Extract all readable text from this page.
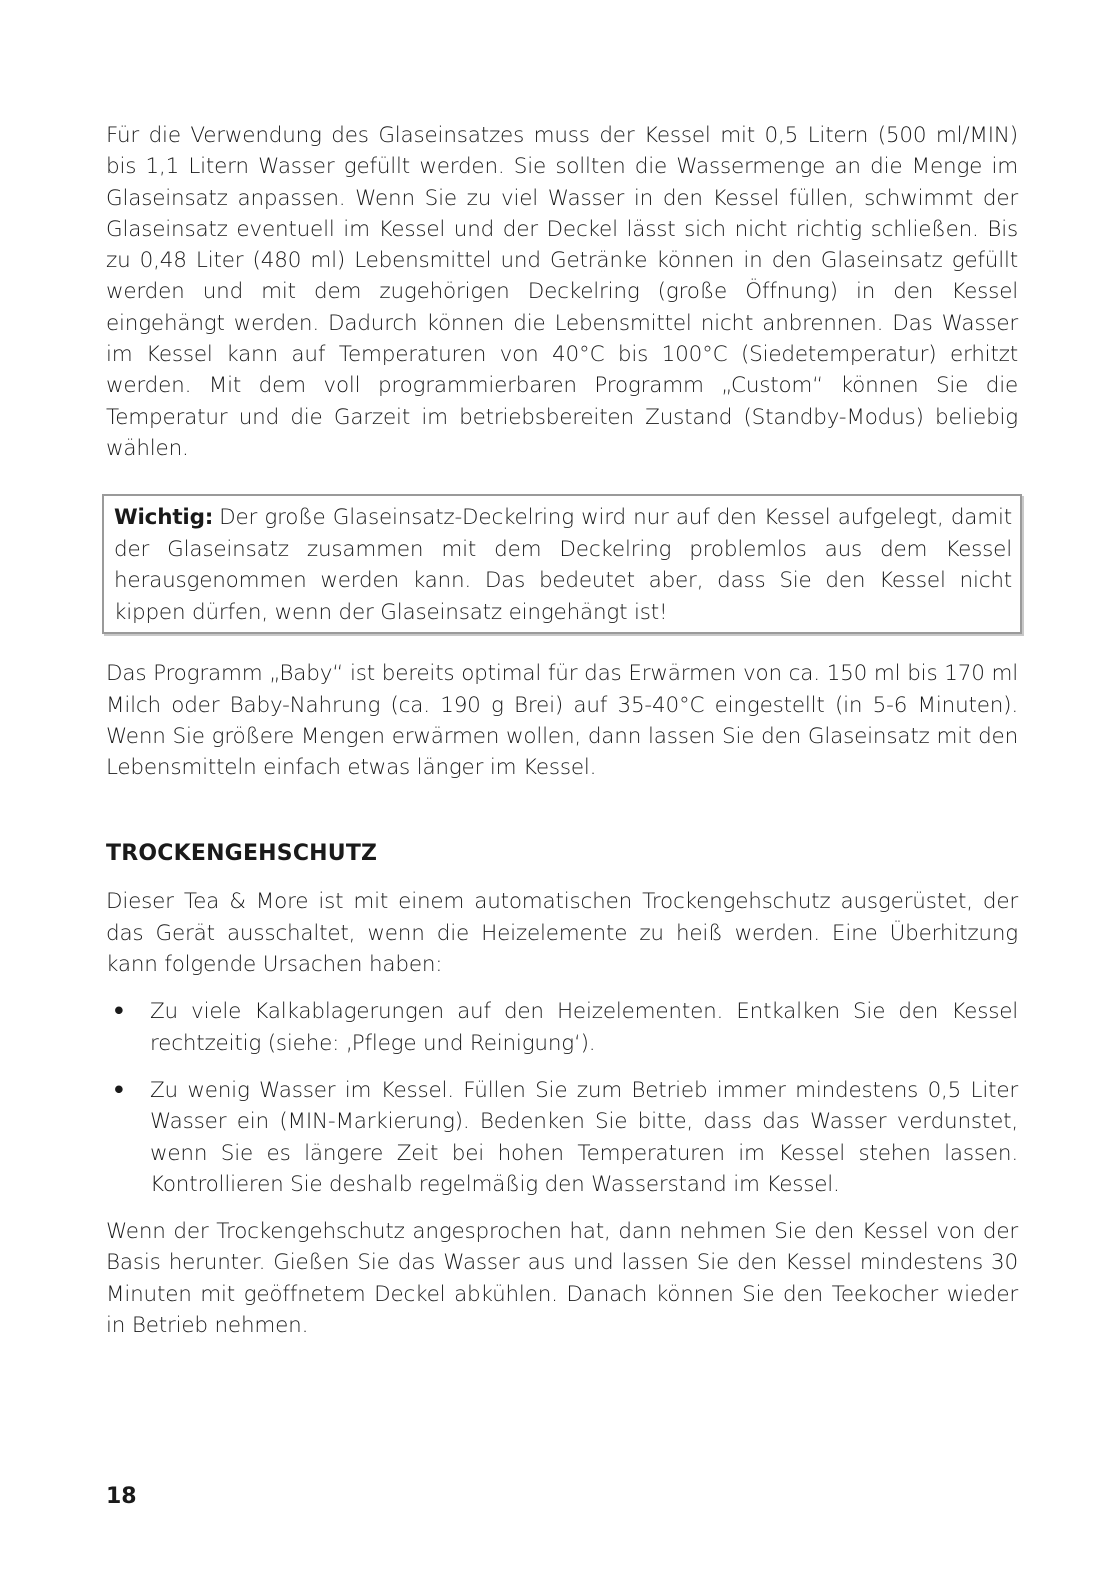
Für die Verwendung des Glaseinsatzes muss der Kessel mit 0,5 Litern (500 ml/MIN) bis 1,1 Litern Wasser gefüllt werden. Sie sollten die Wassermenge an die Menge im Glaseinsatz anpassen. Wenn Sie zu viel Wasser in den Kessel füllen, schwimmt der Glaseinsatz eventuell im Kessel und der Deckel lässt sich nicht richtig schließen. Bis zu 0,48 Liter (480 ml) Lebensmittel und Getränke können in den Glaseinsatz gefüllt werden und mit dem zugehörigen Deckelring (große Öffnung) in den Kessel eingehängt werden. Dadurch können die Lebensmittel nicht anbrennen. Das Wasser im Kessel kann auf Temperaturen von 40°C bis 100°C (Siedetemperatur) erhitzt werden. Mit dem voll programmierbaren Programm „Custom“ können Sie die Temperatur und die Garzeit im betriebsbereiten Zustand (Standby-Modus) beliebig wählen.

Wichtig: Der große Glaseinsatz-Deckelring wird nur auf den Kessel aufgelegt, damit der Glaseinsatz zusammen mit dem Deckelring problemlos aus dem Kessel herausgenommen werden kann. Das bedeutet aber, dass Sie den Kessel nicht kippen dürfen, wenn der Glaseinsatz eingehängt ist!

Das Programm „Baby“ ist bereits optimal für das Erwärmen von ca. 150 ml bis 170 ml Milch oder Baby-Nahrung (ca. 190 g Brei) auf 35-40°C eingestellt (in 5-6 Minuten). Wenn Sie größere Mengen erwärmen wollen, dann lassen Sie den Glaseinsatz mit den Lebensmitteln einfach etwas länger im Kessel.

TROCKENGEHSCHUTZ

Dieser Tea & More ist mit einem automatischen Trockengehschutz ausgerüstet, der das Gerät ausschaltet, wenn die Heizelemente zu heiß werden. Eine Überhitzung kann folgende Ursachen haben:

• Zu viele Kalkablagerungen auf den Heizelementen. Entkalken Sie den Kessel rechtzeitig (siehe: ‚Pflege und Reinigung‘).
• Zu wenig Wasser im Kessel. Füllen Sie zum Betrieb immer mindestens 0,5 Liter Wasser ein (MIN-Markierung). Bedenken Sie bitte, dass das Wasser verdunstet, wenn Sie es längere Zeit bei hohen Temperaturen im Kessel stehen lassen. Kontrollieren Sie deshalb regelmäßig den Wasserstand im Kessel.

Wenn der Trockengehschutz angesprochen hat, dann nehmen Sie den Kessel von der Basis herunter. Gießen Sie das Wasser aus und lassen Sie den Kessel mindestens 30 Minuten mit geöffnetem Deckel abkühlen. Danach können Sie den Teekocher wieder in Betrieb nehmen.

18
